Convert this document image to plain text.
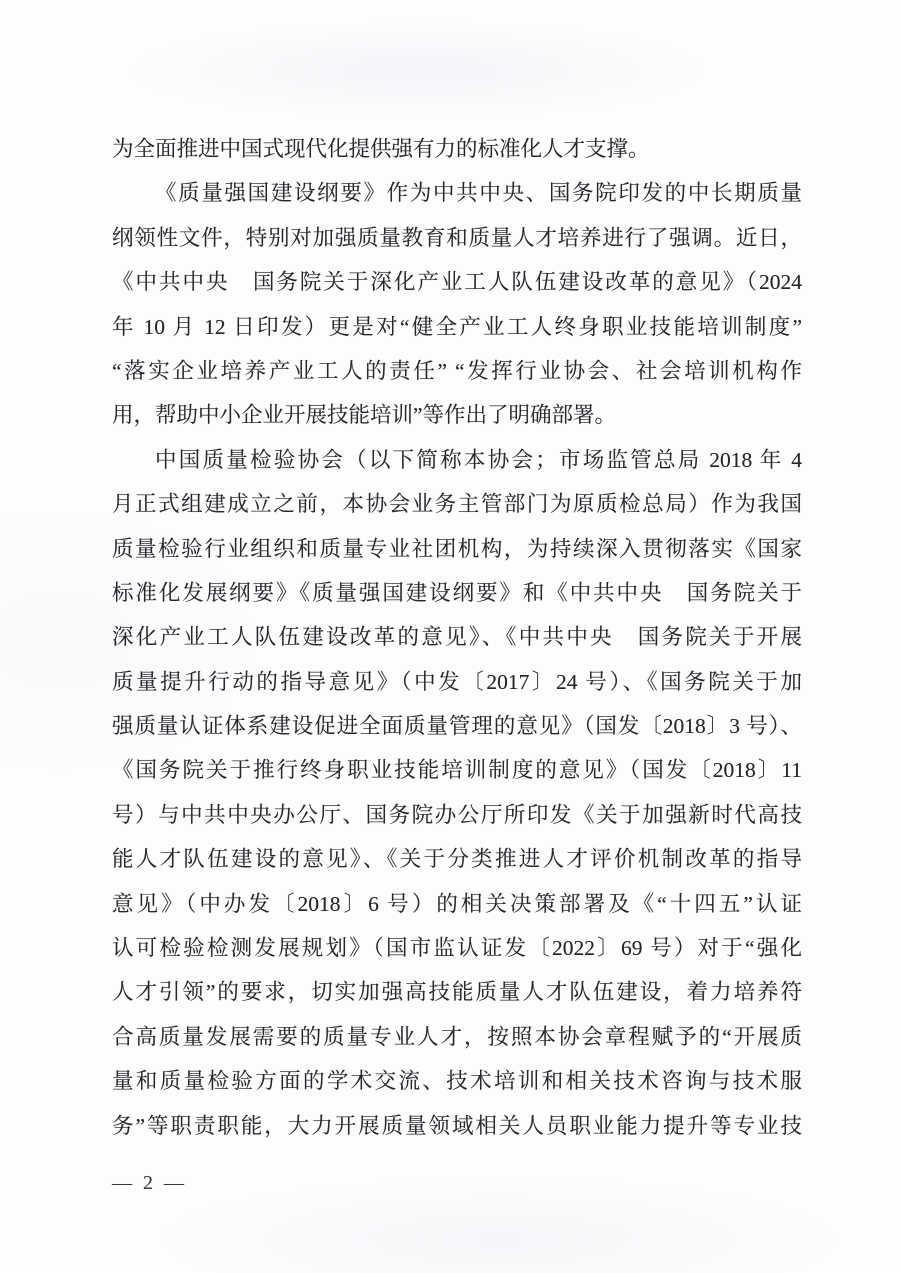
为全面推进中国式现代化提供强有力的标准化人才支撑。
《质量强国建设纲要》作为中共中央、国务院印发的中长期质量
纲领性文件，特别对加强质量教育和质量人才培养进行了强调。近日，
《中共中央　国务院关于深化产业工人队伍建设改革的意见》（2024
年 10 月 12 日印发）更是对“健全产业工人终身职业技能培训制度”
“落实企业培养产业工人的责任” “发挥行业协会、社会培训机构作
用，帮助中小企业开展技能培训”等作出了明确部署。
中国质量检验协会（以下简称本协会；市场监管总局 2018 年 4
月正式组建成立之前，本协会业务主管部门为原质检总局）作为我国
质量检验行业组织和质量专业社团机构，为持续深入贯彻落实《国家
标准化发展纲要》《质量强国建设纲要》和《中共中央　国务院关于
深化产业工人队伍建设改革的意见》、《中共中央　国务院关于开展
质量提升行动的指导意见》（中发〔2017〕24 号）、《国务院关于加
强质量认证体系建设促进全面质量管理的意见》（国发〔2018〕3 号）、
《国务院关于推行终身职业技能培训制度的意见》（国发〔2018〕11
号）与中共中央办公厅、国务院办公厅所印发《关于加强新时代高技
能人才队伍建设的意见》、《关于分类推进人才评价机制改革的指导
意见》（中办发〔2018〕6 号）的相关决策部署及《“十四五”认证
认可检验检测发展规划》（国市监认证发〔2022〕69 号）对于“强化
人才引领”的要求，切实加强高技能质量人才队伍建设，着力培养符
合高质量发展需要的质量专业人才，按照本协会章程赋予的“开展质
量和质量检验方面的学术交流、技术培训和相关技术咨询与技术服
务”等职责职能，大力开展质量领域相关人员职业能力提升等专业技
— 2 —
